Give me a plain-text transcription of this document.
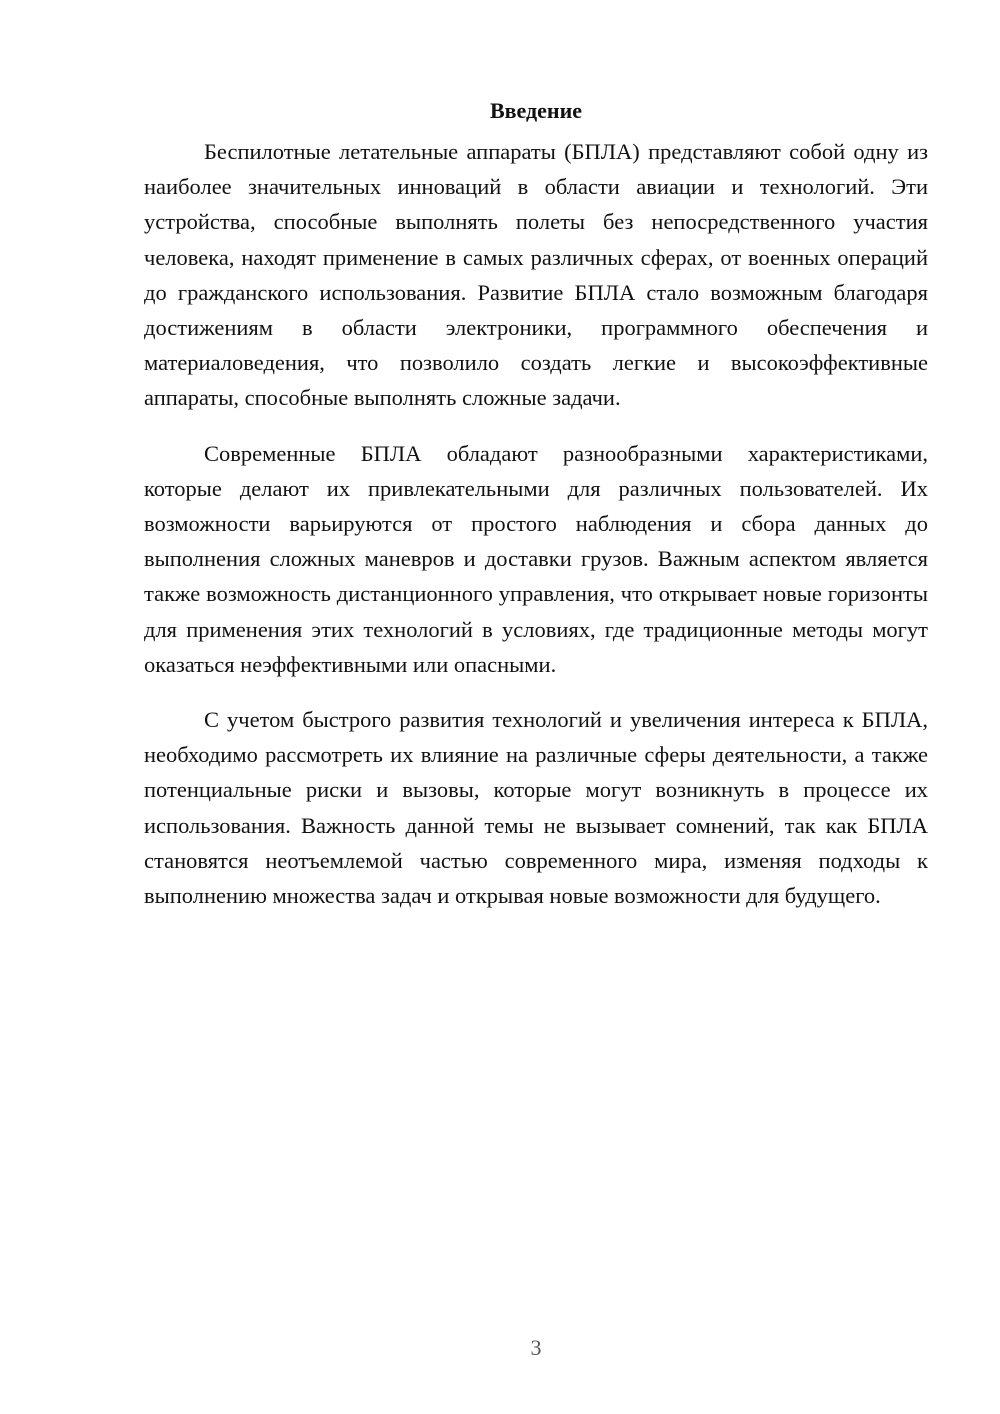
Введение

Беспилотные летательные аппараты (БПЛА) представляют собой одну из наиболее значительных инноваций в области авиации и технологий. Эти устройства, способные выполнять полеты без непосредственного участия человека, находят применение в самых различных сферах, от военных операций до гражданского использования. Развитие БПЛА стало возможным благодаря достижениям в области электроники, программного обеспечения и материаловедения, что позволило создать легкие и высокоэффективные аппараты, способные выполнять сложные задачи.

Современные БПЛА обладают разнообразными характеристиками, которые делают их привлекательными для различных пользователей. Их возможности варьируются от простого наблюдения и сбора данных до выполнения сложных маневров и доставки грузов. Важным аспектом является также возможность дистанционного управления, что открывает новые горизонты для применения этих технологий в условиях, где традиционные методы могут оказаться неэффективными или опасными.

С учетом быстрого развития технологий и увеличения интереса к БПЛА, необходимо рассмотреть их влияние на различные сферы деятельности, а также потенциальные риски и вызовы, которые могут возникнуть в процессе их использования. Важность данной темы не вызывает сомнений, так как БПЛА становятся неотъемлемой частью современного мира, изменяя подходы к выполнению множества задач и открывая новые возможности для будущего.

3
